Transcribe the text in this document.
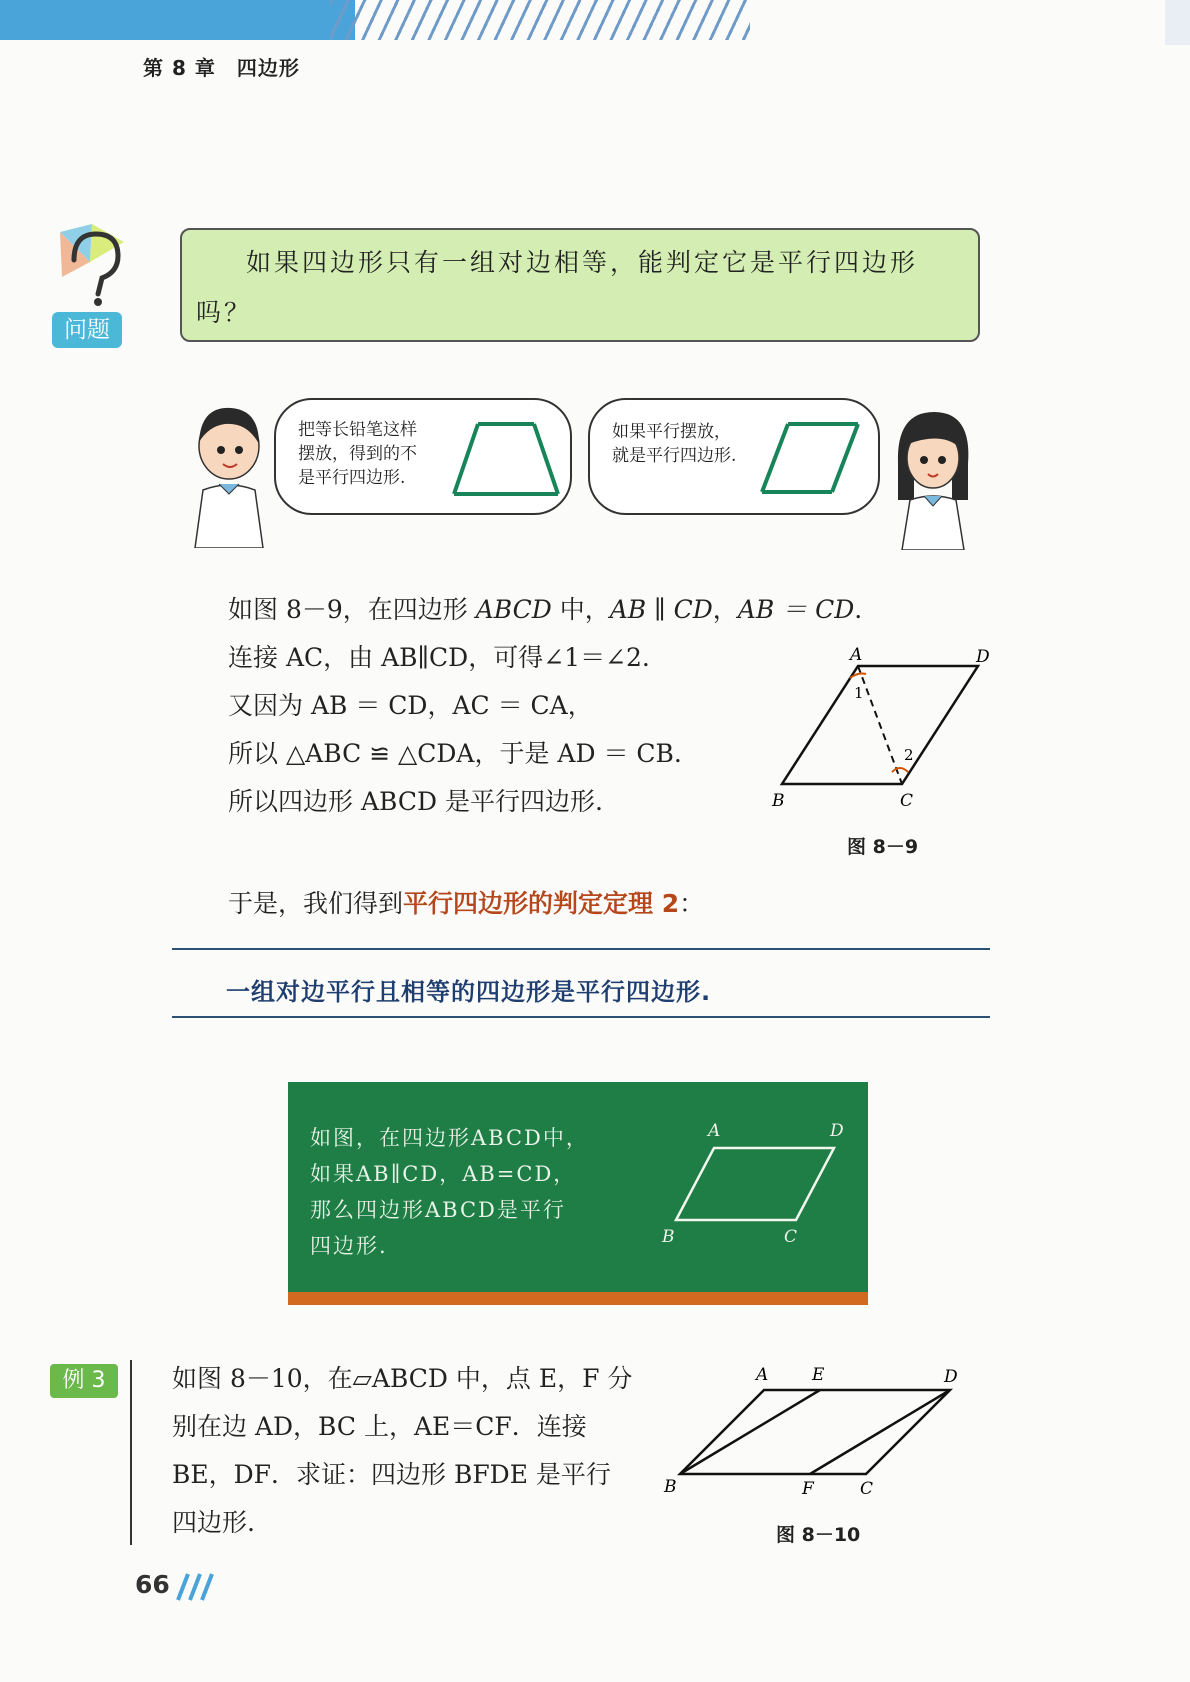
第 8 章　四边形
问题
如果四边形只有一组对边相等，能判定它是平行四边形吗？
把等长铅笔这样
摆放，得到的不
是平行四边形.
如果平行摆放，
就是平行四边形.
如图 8－9，在四边形 ABCD 中，AB ∥ CD，AB ＝ CD.
连接 AC，由 AB∥CD，可得∠1＝∠2.
又因为 AB ＝ CD，AC ＝ CA，
所以 △ABC ≌ △CDA，于是 AD ＝ CB.
所以四边形 ABCD 是平行四边形.
A	D
B	C
1
2
图 8－9
于是，我们得到平行四边形的判定定理 2：
一组对边平行且相等的四边形是平行四边形.
如图，在四边形ABCD中，
如果AB∥CD，AB=CD，
那么四边形ABCD是平行
四边形.
A	D
B	C
例 3	如图 8－10，在▱ABCD 中，点 E，F 分
别在边 AD，BC 上，AE＝CF．连接
BE，DF．求证：四边形 BFDE 是平行
四边形.
A	E	D
B	F	C
图 8－10
66
